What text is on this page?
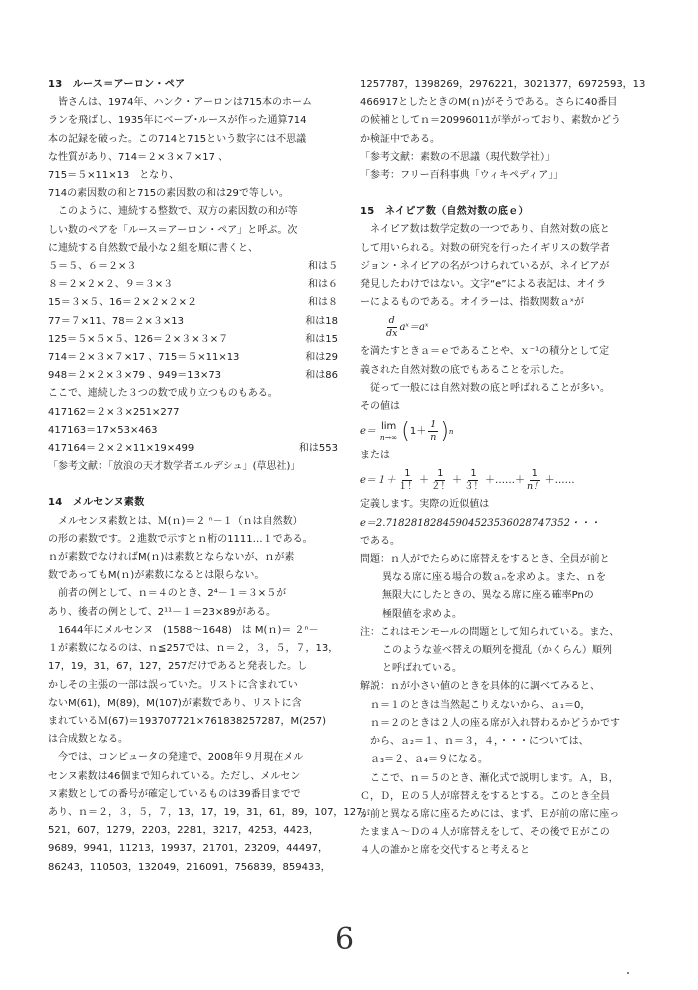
13　ルース＝アーロン・ペア

　皆さんは、1974年、ハンク・アーロンは715本のホーム

ランを飛ばし、1935年にベーブ･ルースが作った通算714

本の記録を破った。この714と715という数字には不思議

な性質があり、714＝２×３×７×17 、

715＝５×11×13　となり、

714の素因数の和と715の素因数の和は29で等しい。

　このように、連続する整数で、双方の素因数の和が等

しい数のペアを「ルース＝アーロン・ペア」と呼ぶ。次

に連続する自然数で最小な２組を順に書くと、

５＝５、６＝２×３	和は５
８＝２×２×２、９＝３×３	和は６
15＝３×５、16＝２×２×２×２	和は８
77＝７×11、78＝２×３×13	和は18
125＝５×５×５、126＝２×３×３×７	和は15
714＝２×３×７×17 、715＝５×11×13	和は29
948＝２×２×３×79 、949＝13×73	和は86

ここで、連続した３つの数で成り立つものもある。

417162＝２×３×251×277

417163＝17×53×463

417164＝２×２×11×19×499	和は553

「参考文献：「放浪の天才数学者エルデシュ」(草思社)」

14　メルセンヌ素数

　メルセンヌ素数とは、Ｍ(ｎ)＝２ ⁿ－１（ｎは自然数）

の形の素数です。２進数で示すとｎ桁の1111…１である。

ｎが素数でなければM(ｎ)は素数とならないが、ｎが素

数であってもM(ｎ)が素数になるとは限らない。

　前者の例として、ｎ＝４のとき、2⁴－１＝３×５が

あり、後者の例として、2¹¹－１＝23×89がある。

　1644年にメルセンヌ　(1588～1648)　は M(ｎ)＝ ２ⁿ－

１が素数になるのは、ｎ≦257では、ｎ＝２，３，５，７，13，

17，19，31，67，127，257だけであると発表した。し

かしその主張の一部は誤っていた。リストに含まれてい

ないM(61)，M(89)，M(107)が素数であり、リストに含

まれているＭ(67)＝193707721×761838257287，M(257)

は合成数となる。

　今では、コンピュータの発達で、2008年９月現在メル

センヌ素数は46個まで知られている。ただし、メルセン

ヌ素数としての番号が確定しているものは39番目までで

あり、ｎ＝２，３，５，７，13，17，19，31，61，89，107，127，

521，607，1279，2203，2281，3217，4253，4423，

9689，9941，11213，19937，21701，23209，44497，

86243，110503，132049，216091，756839，859433，

1257787，1398269，2976221，3021377，6972593，13

466917としたときのM(ｎ)がそうである。さらに40番目

の候補としてｎ＝20996011が挙がっており、素数かどう

か検証中である。

「参考文献：素数の不思議（現代数学社）」

「参考：フリー百科事典「ウィキペディア」」

15　ネイピア数（自然対数の底ｅ）

　ネイピア数は数学定数の一つであり、自然対数の底と

して用いられる。対数の研究を行ったイギリスの数学者

ジョン・ネイピアの名がつけられているが、ネイピアが

発見したわけではない。文字“e”による表記は、オイラ

ーによるものである。オイラーは、指数関数ａˣが

$\frac{d}{dx}$ aˣ＝aˣ

を満たすときａ＝ｅであることや、ｘ⁻¹の積分として定

義された自然対数の底でもあることを示した。

　従って一般には自然対数の底と呼ばれることが多い。

その値は

e＝ lim
n→∞ ( $1+ \frac{1}{n}$ ) n

または

$e=1+ \frac{1}{1!} + \frac{1}{2!} + \frac{1}{3!}$ ＋……＋ $\frac{1}{n!}$ ＋……

定義します。実際の近似値は

e＝2.71828182845904523536028747352・・・

である。

問題：ｎ人がでたらめに席替えをするとき、全員が前と

異なる席に座る場合の数ａₙを求めよ。また、ｎを

無限大にしたときの、異なる席に座る確率Pnの

極限値を求めよ。

注：これはモンモールの問題として知られている。また、

このような並べ替えの順列を撹乱（かくらん）順列

と呼ばれている。

解説：ｎが小さい値のときを具体的に調べてみると、

ｎ＝１のときは当然起こりえないから、ａ₁＝0，

ｎ＝２のときは２人の座る席が入れ替わるかどうかです

から、ａ₂＝１、ｎ＝３，４，・・・については、

ａ₃＝２、ａ₄＝９になる。

　ここで、ｎ＝５のとき、漸化式で説明します。Ａ，Ｂ，

Ｃ，Ｄ，Ｅの５人が席替えをするとする。このとき全員

が前と異なる席に座るためには、まず、Ｅが前の席に座っ

たままＡ～Ｄの４人が席替えをして、その後でＥがこの

４人の誰かと席を交代すると考えると

6
